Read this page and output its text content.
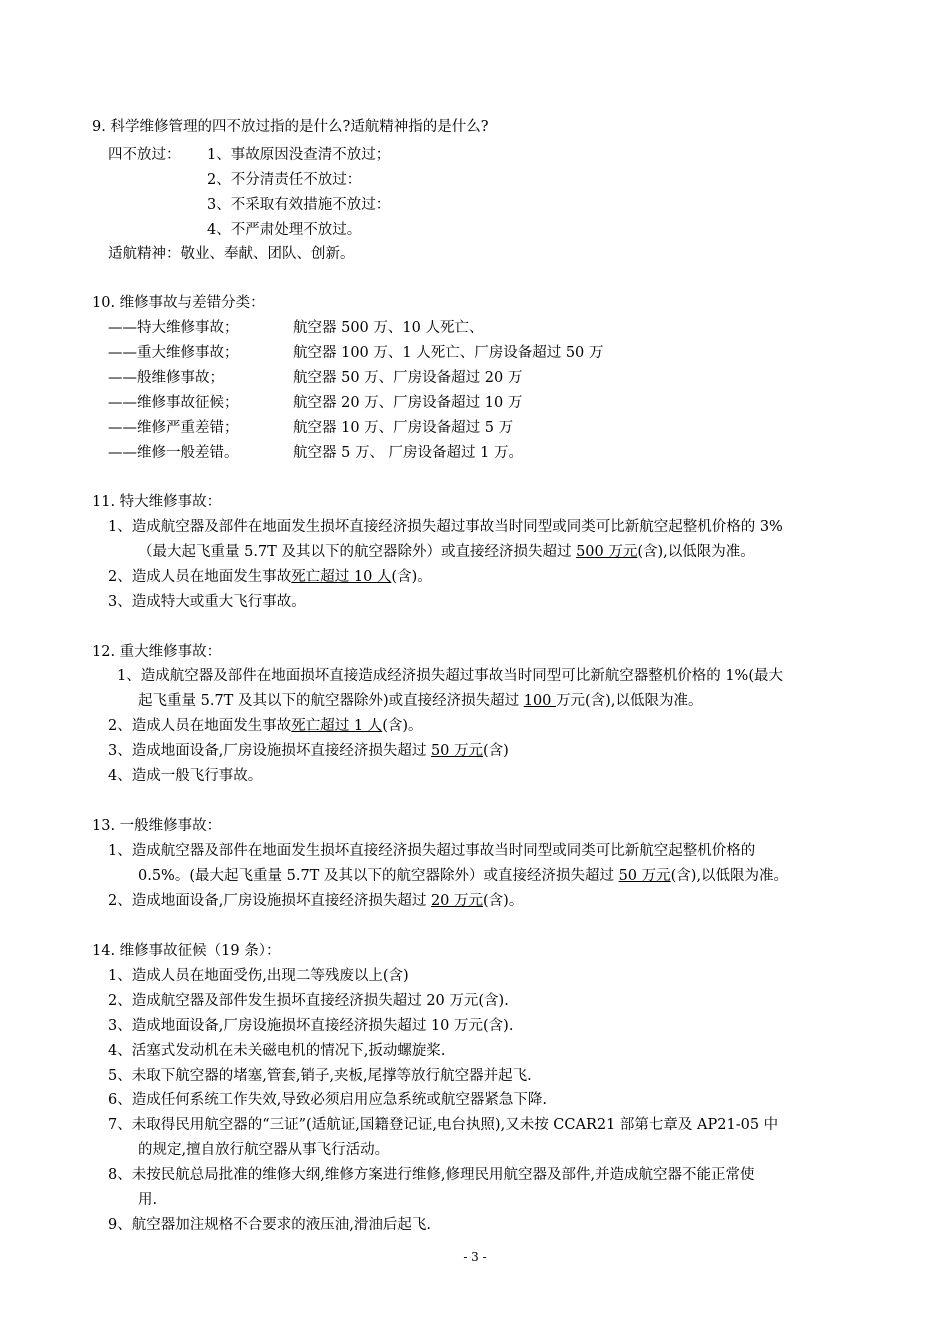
9. 科学维修管理的四不放过指的是什么?适航精神指的是什么?
四不放过： 1、事故原因没查清不放过；
2、不分清责任不放过：
3、不采取有效措施不放过：
4、不严肃处理不放过。
适航精神：敬业、奉献、团队、创新。
10. 维修事故与差错分类：
——特大维修事故；	航空器 500 万、10 人死亡、
——重大维修事故；	航空器 100 万、1 人死亡、厂房设备超过 50 万
——般维修事故；	航空器 50 万、厂房设备超过 20 万
——维修事故征候；	航空器 20 万、厂房设备超过 10 万
——维修严重差错；	航空器 10 万、厂房设备超过 5 万
——维修一般差错。	航空器 5 万、 厂房设备超过 1 万。
11. 特大维修事故：
1、造成航空器及部件在地面发生损坏直接经济损失超过事故当时同型或同类可比新航空起整机价格的 3%
（最大起飞重量 5.7T 及其以下的航空器除外）或直接经济损失超过 500 万元(含),以低限为准。
2、造成人员在地面发生事故死亡超过 10 人(含)。
3、造成特大或重大飞行事故。
12. 重大维修事故：
1、造成航空器及部件在地面损坏直接造成经济损失超过事故当时同型可比新航空器整机价格的 1%(最大
起飞重量 5.7T 及其以下的航空器除外)或直接经济损失超过 100 万元(含),以低限为准。
2、造成人员在地面发生事故死亡超过 1 人(含)。
3、造成地面设备,厂房设施损坏直接经济损失超过 50 万元(含)
4、造成一般飞行事故。
13. 一般维修事故：
1、造成航空器及部件在地面发生损坏直接经济损失超过事故当时同型或同类可比新航空起整机价格的
0.5%。(最大起飞重量 5.7T 及其以下的航空器除外）或直接经济损失超过 50 万元(含),以低限为准。
2、造成地面设备,厂房设施损坏直接经济损失超过 20 万元(含)。
14. 维修事故征候（19 条）：
1、造成人员在地面受伤,出现二等残废以上(含)
2、造成航空器及部件发生损坏直接经济损失超过 20 万元(含).
3、造成地面设备,厂房设施损坏直接经济损失超过 10 万元(含).
4、活塞式发动机在未关磁电机的情况下,扳动螺旋桨.
5、未取下航空器的堵塞,管套,销子,夹板,尾撑等放行航空器并起飞.
6、造成任何系统工作失效,导致必须启用应急系统或航空器紧急下降.
7、未取得民用航空器的“三证”(适航证,国籍登记证,电台执照),又未按 CCAR21 部第七章及 AP21-05 中
的规定,擅自放行航空器从事飞行活动。
8、未按民航总局批准的维修大纲,维修方案进行维修,修理民用航空器及部件,并造成航空器不能正常使
用.
9、航空器加注规格不合要求的液压油,滑油后起飞.
- 3 -
